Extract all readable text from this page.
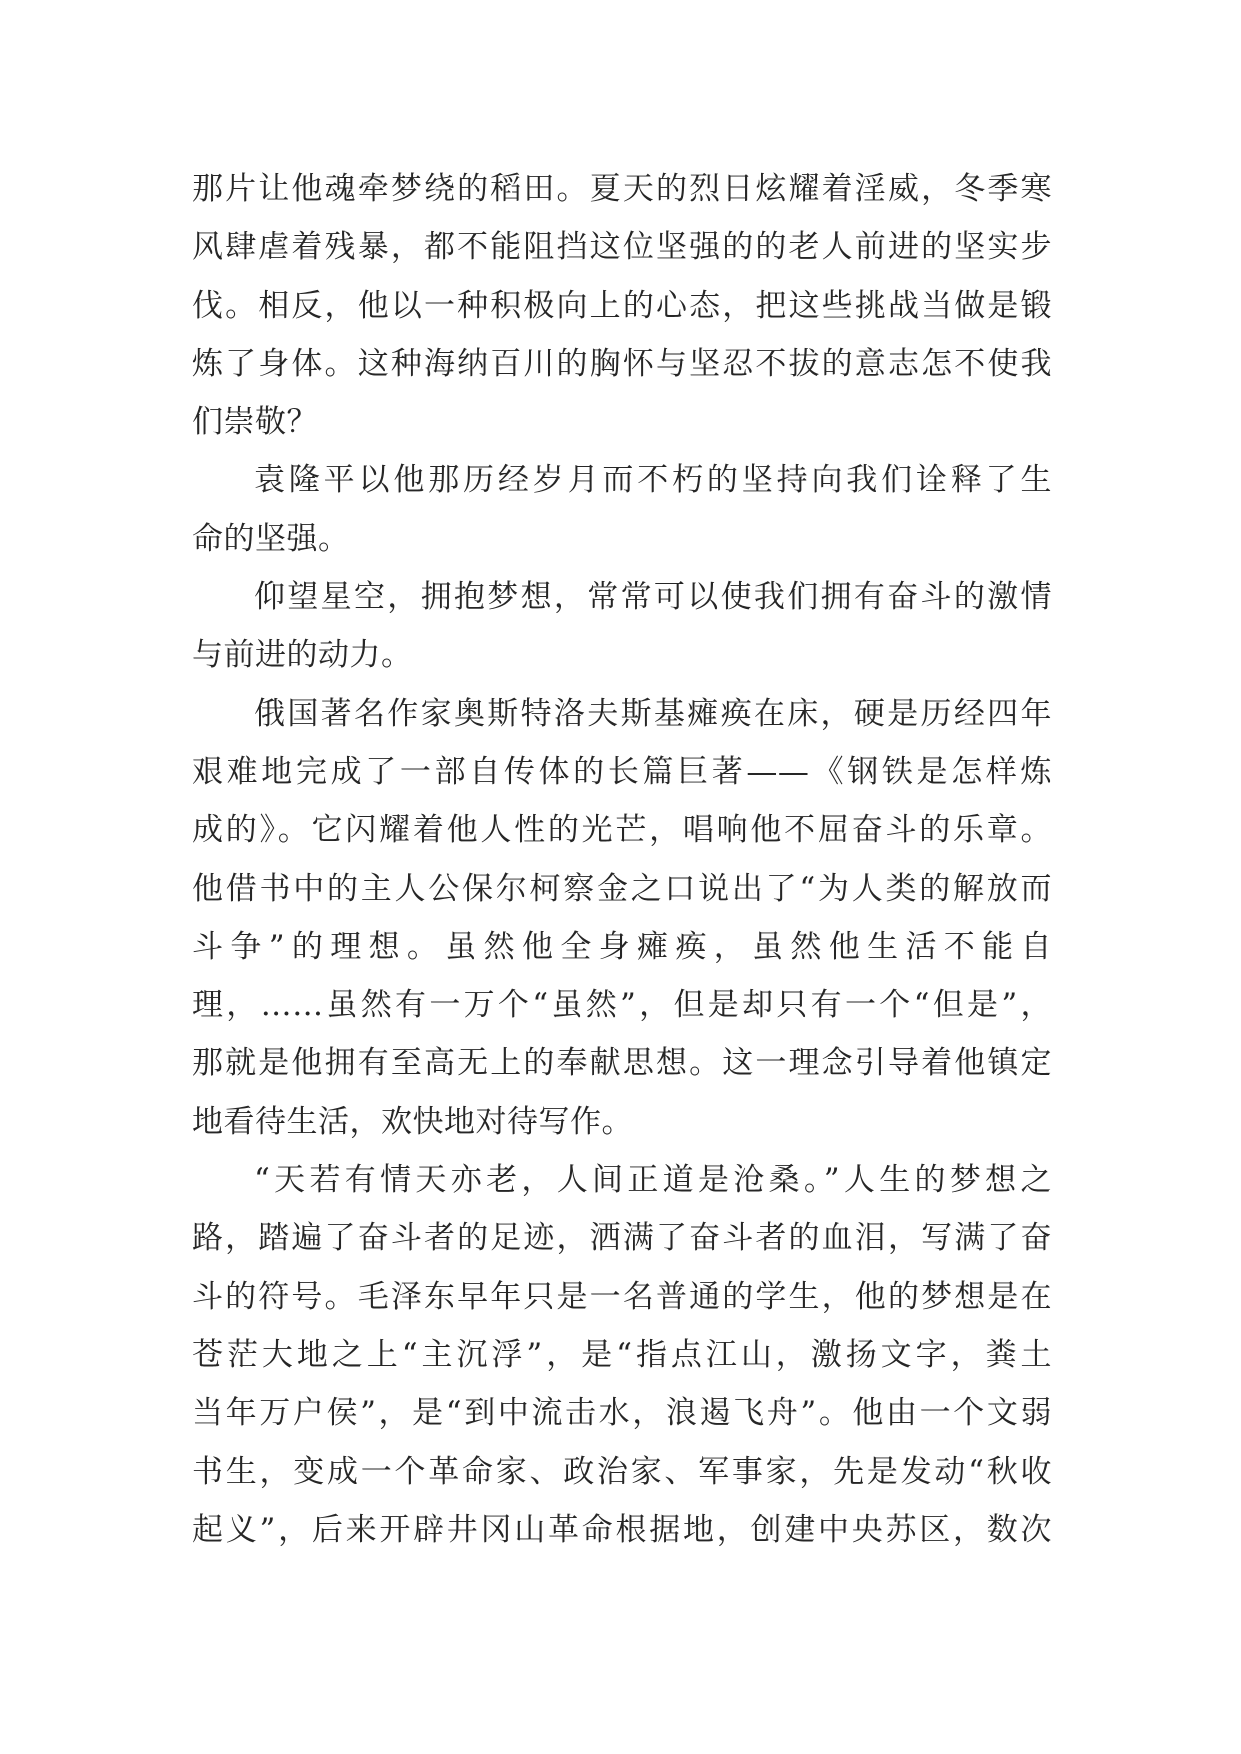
那片让他魂牵梦绕的稻田。夏天的烈日炫耀着淫威，冬季寒
风肆虐着残暴，都不能阻挡这位坚强的的老人前进的坚实步
伐。相反，他以一种积极向上的心态，把这些挑战当做是锻
炼了身体。这种海纳百川的胸怀与坚忍不拔的意志怎不使我
们崇敬？
袁隆平以他那历经岁月而不朽的坚持向我们诠释了生
命的坚强。
仰望星空，拥抱梦想，常常可以使我们拥有奋斗的激情
与前进的动力。
俄国著名作家奥斯特洛夫斯基瘫痪在床，硬是历经四年
艰难地完成了一部自传体的长篇巨著——《钢铁是怎样炼
成的》。它闪耀着他人性的光芒，唱响他不屈奋斗的乐章。
他借书中的主人公保尔柯察金之口说出了“为人类的解放而
斗争”的理想。虽然他全身瘫痪，虽然他生活不能自
理，……虽然有一万个“虽然”，但是却只有一个“但是”，
那就是他拥有至高无上的奉献思想。这一理念引导着他镇定
地看待生活，欢快地对待写作。
“天若有情天亦老，人间正道是沧桑。”人生的梦想之
路，踏遍了奋斗者的足迹，洒满了奋斗者的血泪，写满了奋
斗的符号。毛泽东早年只是一名普通的学生，他的梦想是在
苍茫大地之上“主沉浮”，是“指点江山，激扬文字，粪土
当年万户侯”，是“到中流击水，浪遏飞舟”。他由一个文弱
书生，变成一个革命家、政治家、军事家，先是发动“秋收
起义”，后来开辟井冈山革命根据地，创建中央苏区，数次
